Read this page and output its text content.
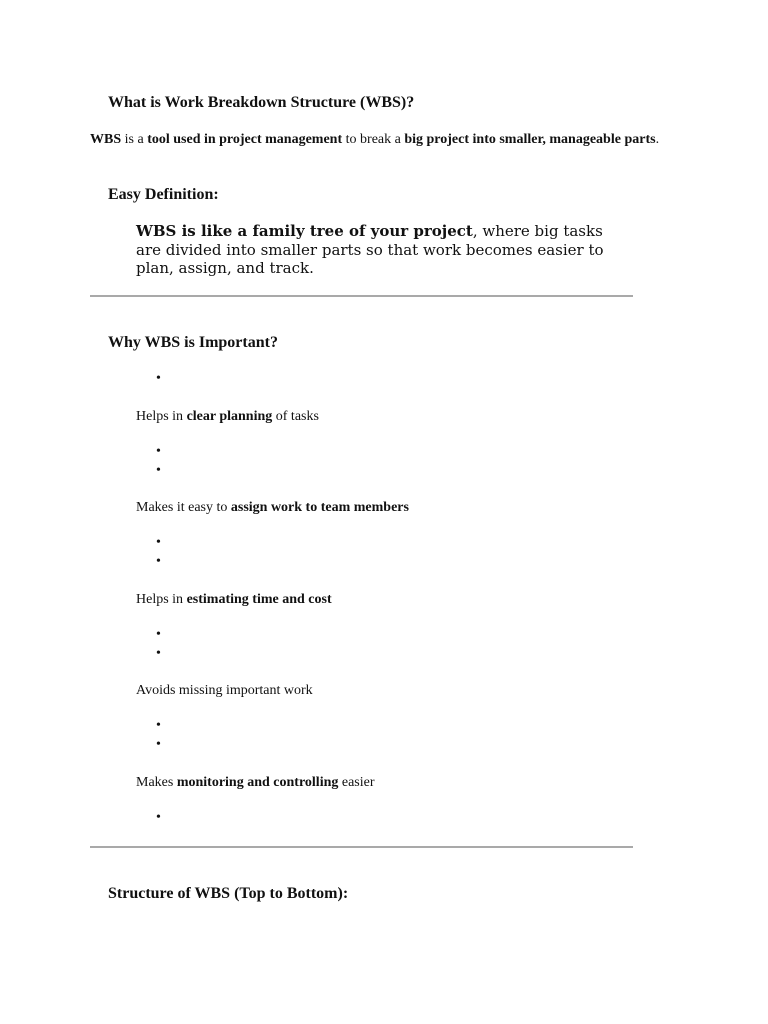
What is Work Breakdown Structure (WBS)?
WBS is a tool used in project management to break a big project into smaller, manageable parts.
Easy Definition:
WBS is like a family tree of your project, where big tasks are divided into smaller parts so that work becomes easier to plan, assign, and track.
Why WBS is Important?
•
Helps in clear planning of tasks
•
•
Makes it easy to assign work to team members
•
•
Helps in estimating time and cost
•
•
Avoids missing important work
•
•
Makes monitoring and controlling easier
•
Structure of WBS (Top to Bottom):
